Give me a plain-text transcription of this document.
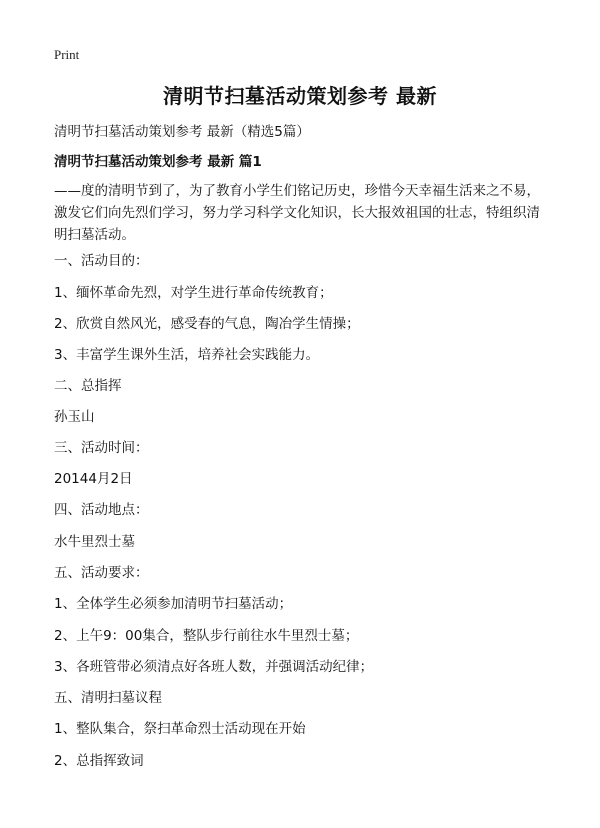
Print
清明节扫墓活动策划参考 最新
清明节扫墓活动策划参考 最新（精选5篇）
清明节扫墓活动策划参考 最新 篇1

——度的清明节到了，为了教育小学生们铭记历史，珍惜今天幸福生活来之不易，激发它们向先烈们学习，努力学习科学文化知识，长大报效祖国的壮志，特组织清明扫墓活动。

一、活动目的：
1、缅怀革命先烈，对学生进行革命传统教育；
2、欣赏自然风光，感受春的气息，陶冶学生情操；
3、丰富学生课外生活，培养社会实践能力。
二、总指挥
孙玉山
三、活动时间：
20144月2日
四、活动地点：
水牛里烈士墓
五、活动要求：
1、全体学生必须参加清明节扫墓活动；
2、上午9：00集合，整队步行前往水牛里烈士墓；
3、各班管带必须清点好各班人数，并强调活动纪律；
五、清明扫墓议程
1、整队集合，祭扫革命烈士活动现在开始
2、总指挥致词
